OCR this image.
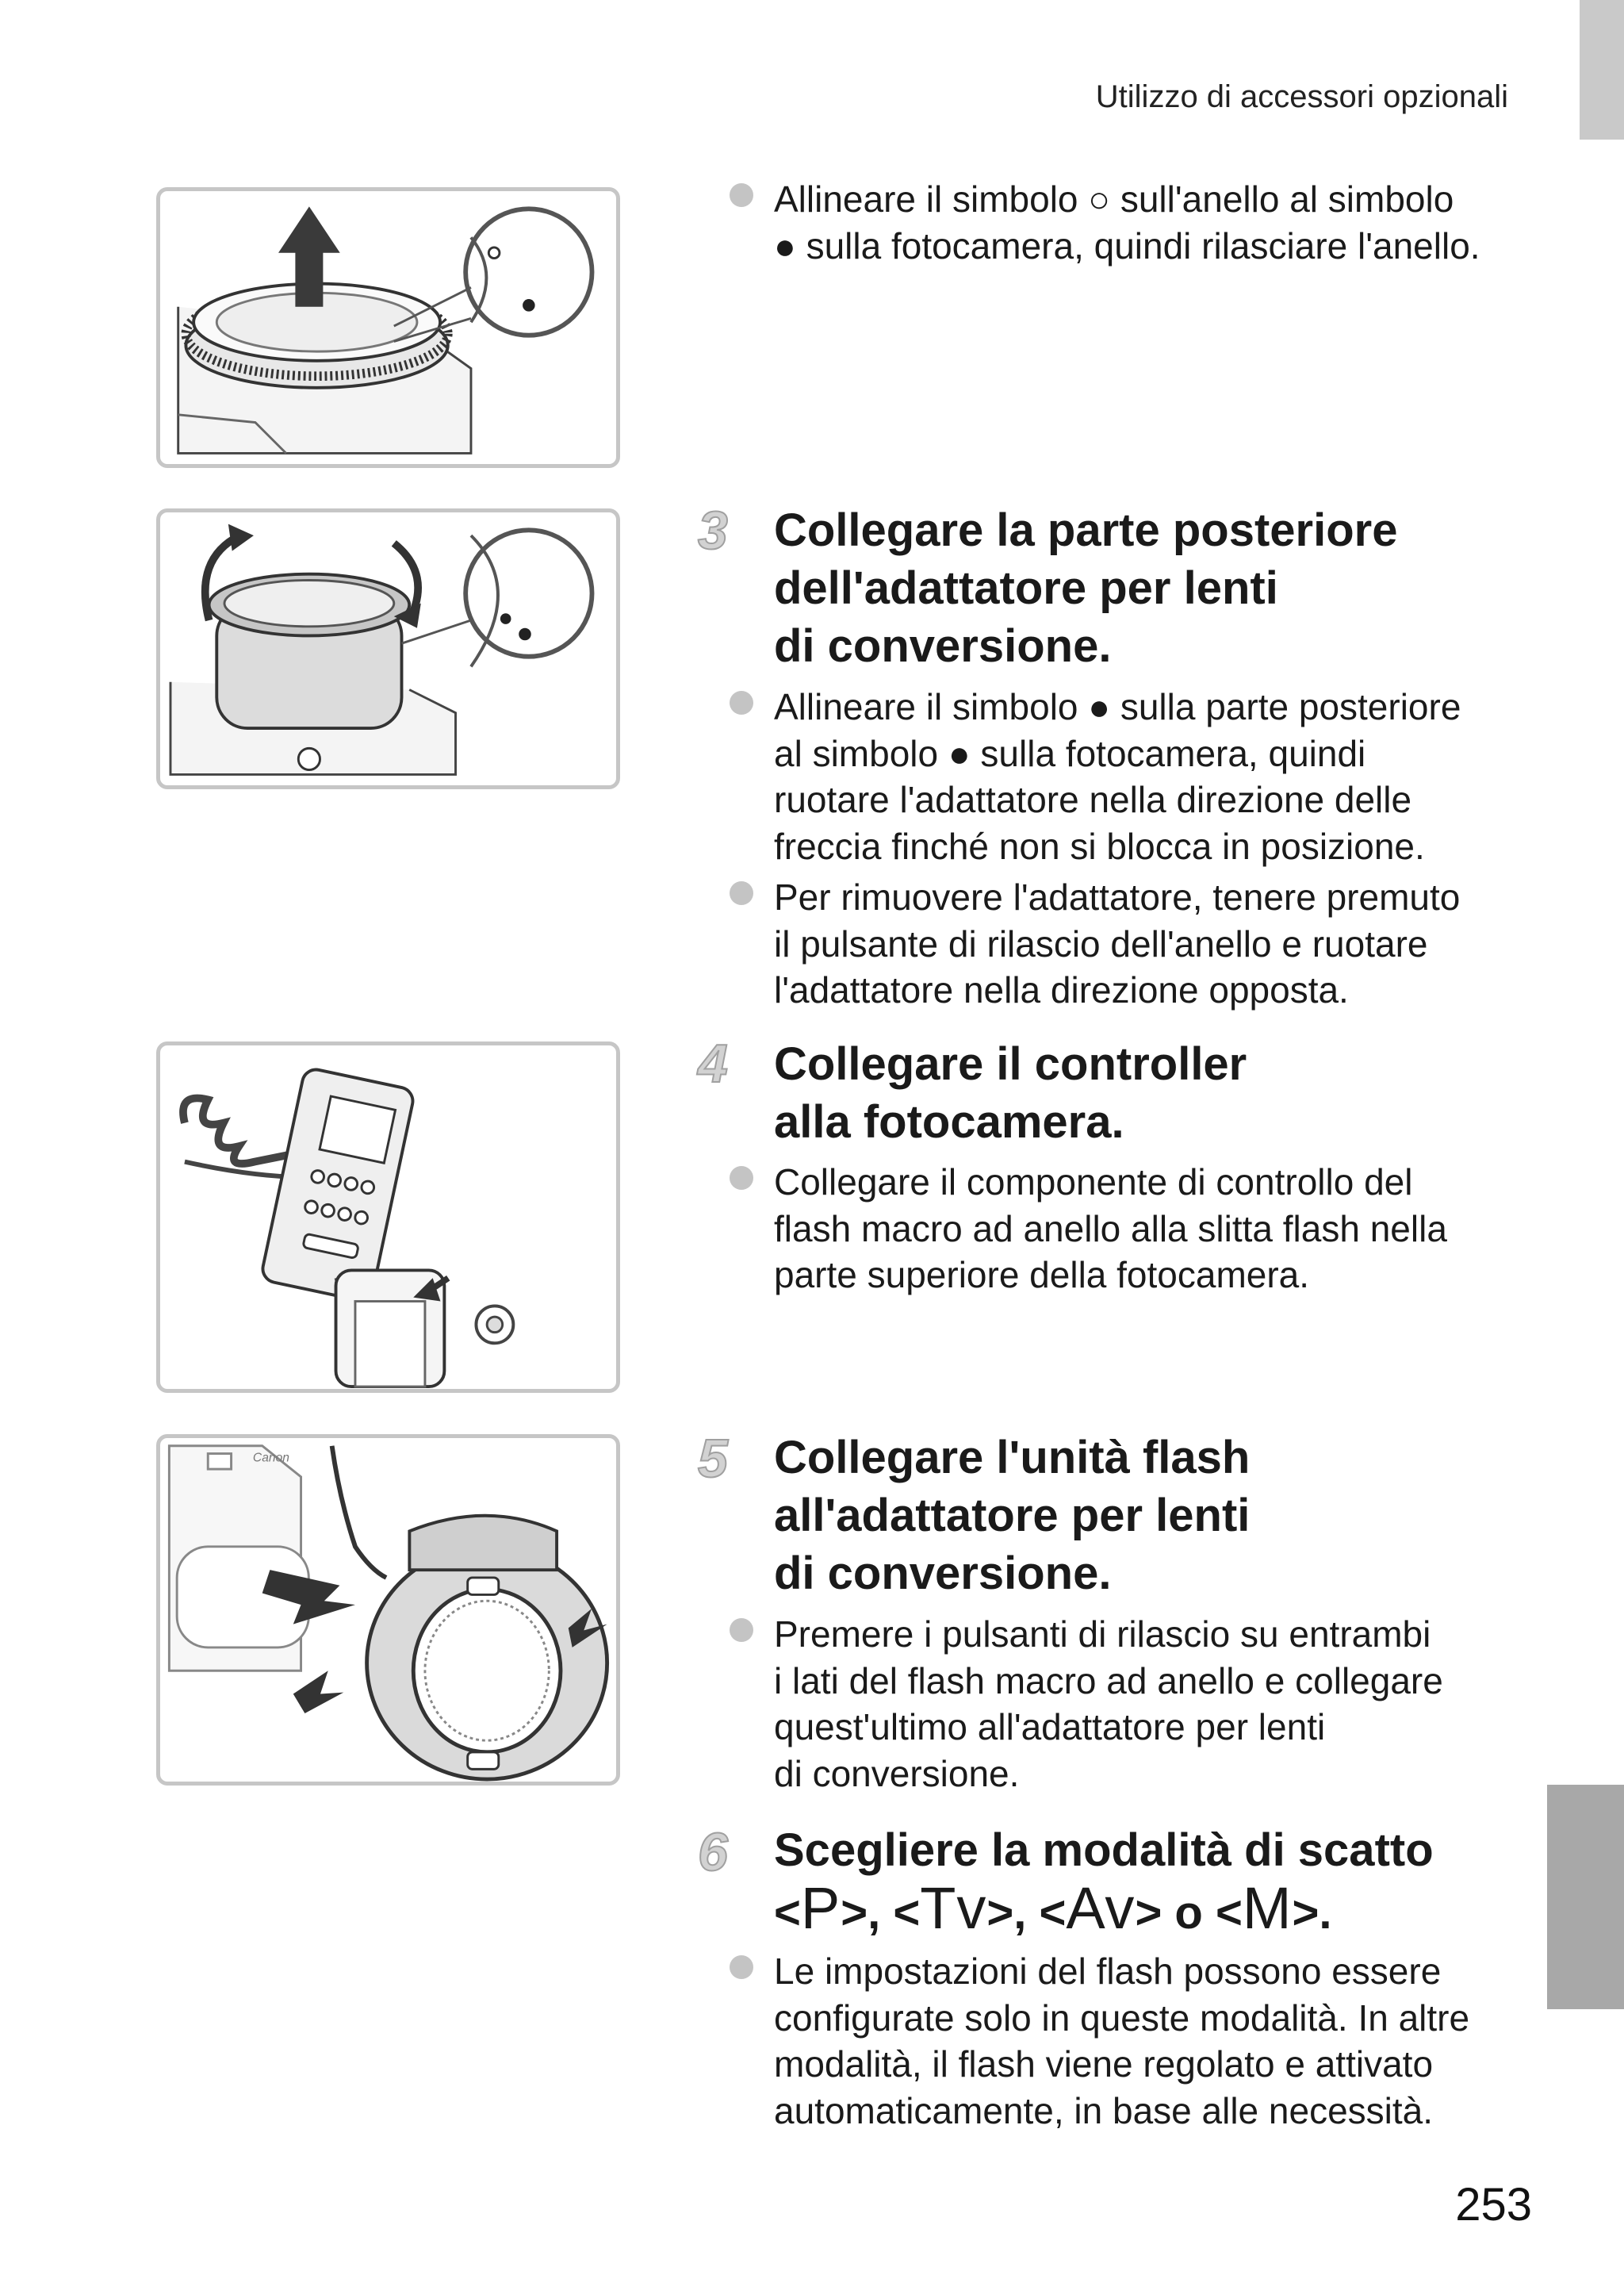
Utilizzo di accessori opzionali
Canon
Allineare il simbolo ○ sull'anello al simbolo
● sulla fotocamera, quindi rilasciare l'anello.
3 Collegare la parte posteriore
dell'adattatore per lenti
di conversione.
Allineare il simbolo ● sulla parte posteriore
al simbolo ● sulla fotocamera, quindi
ruotare l'adattatore nella direzione delle
freccia finché non si blocca in posizione.
Per rimuovere l'adattatore, tenere premuto
il pulsante di rilascio dell'anello e ruotare
l'adattatore nella direzione opposta.
4 Collegare il controller
alla fotocamera.
Collegare il componente di controllo del
flash macro ad anello alla slitta flash nella
parte superiore della fotocamera.
5 Collegare l'unità flash
all'adattatore per lenti
di conversione.
Premere i pulsanti di rilascio su entrambi
i lati del flash macro ad anello e collegare
quest'ultimo all'adattatore per lenti
di conversione.
6 Scegliere la modalità di scatto
<P>, <Tv>, <Av> o <M>.
Le impostazioni del flash possono essere
configurate solo in queste modalità. In altre
modalità, il flash viene regolato e attivato
automaticamente, in base alle necessità.
253
